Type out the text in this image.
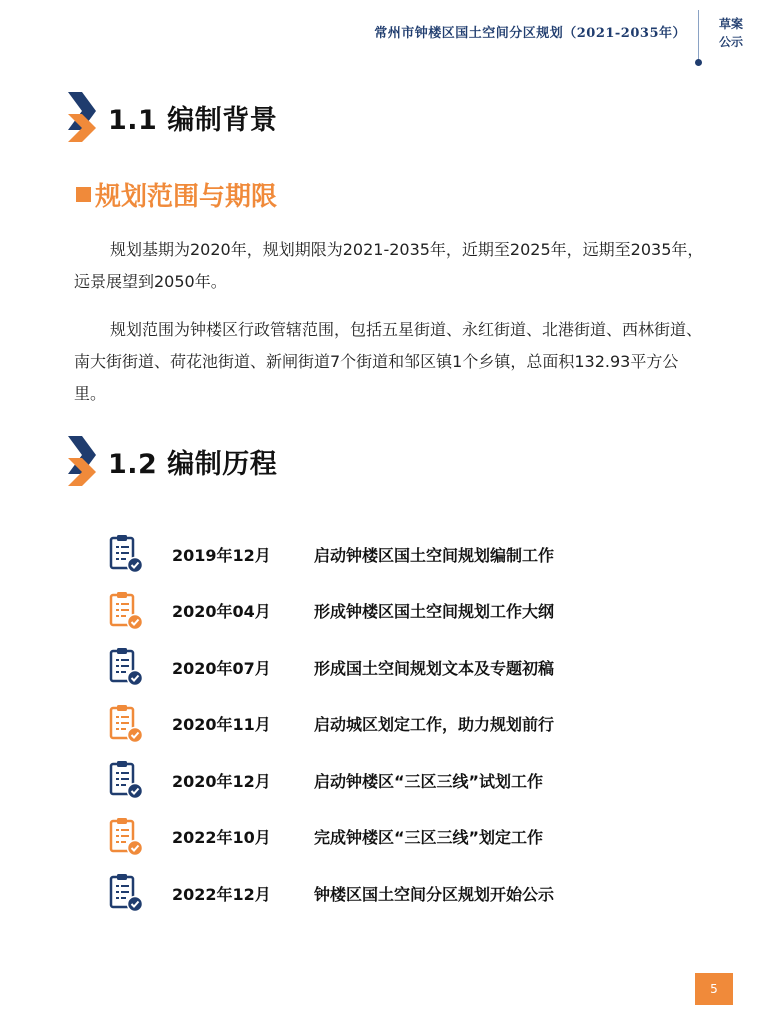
常州市钟楼区国土空间分区规划（2021-2035年）
草案
公示
1.1 编制背景
规划范围与期限
规划基期为2020年，规划期限为2021-2035年，近期至2025年，远期至2035年，远景展望到2050年。
规划范围为钟楼区行政管辖范围，包括五星街道、永红街道、北港街道、西林街道、南大街街道、荷花池街道、新闸街道7个街道和邹区镇1个乡镇，总面积132.93平方公里。
1.2 编制历程
2019年12月	启动钟楼区国土空间规划编制工作
2020年04月	形成钟楼区国土空间规划工作大纲
2020年07月	形成国土空间规划文本及专题初稿
2020年11月	启动城区划定工作，助力规划前行
2020年12月	启动钟楼区“三区三线”试划工作
2022年10月	完成钟楼区“三区三线”划定工作
2022年12月	钟楼区国土空间分区规划开始公示
5
